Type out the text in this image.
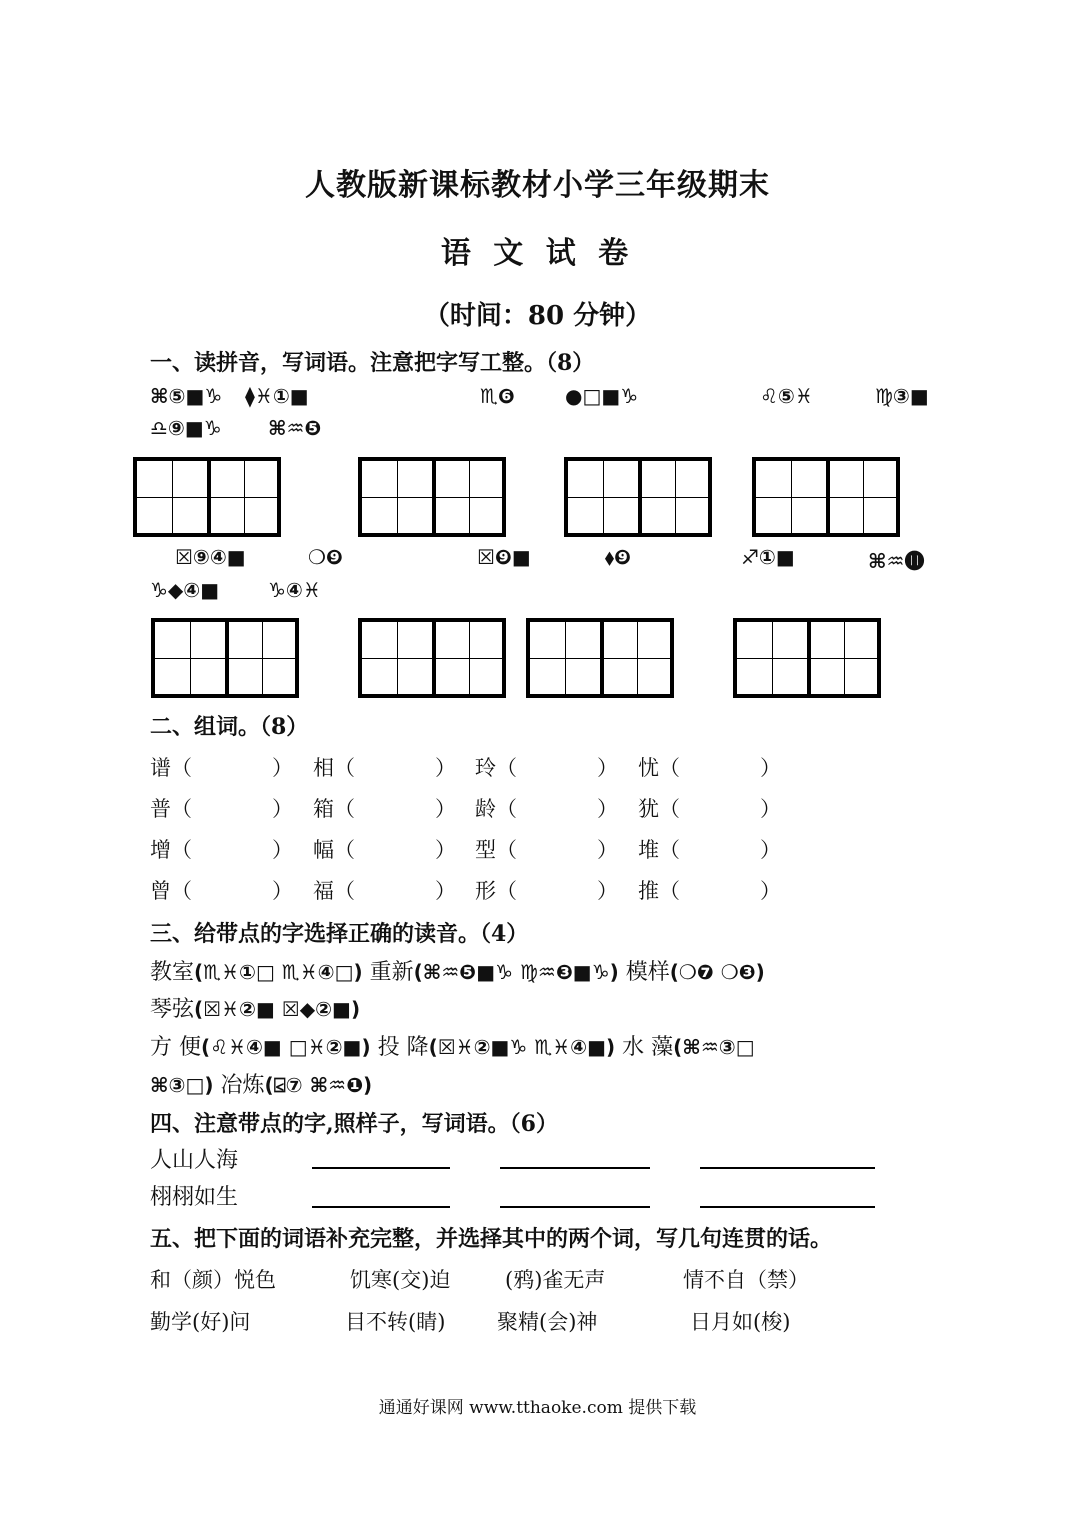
人教版新课标教材小学三年级期末
语 文 试 卷
（时间：80 分钟）
一、读拼音，写词语。注意把字写工整。（8）
⌘⑤■♑ ⧫♓①■	♏❻	●□■♑	♌⑤♓	♍③■
♎⑨■♑ ⌘♒❺
☒⑨④■	❍❾	☒❾■	⬧❾	♐①■	⌘♒⓫
♑◆④■ ♑④♓
二、组词。（8）
谱（	） 相（	） 玲（	） 忧（	）
普（	） 箱（	） 龄（	） 犹（	）
增（	） 幅（	） 型（	） 堆（	）
曾（	） 福（	） 形（	） 推（	）
三、给带点的字选择正确的读音。（4）
教室(♏♓①□ ♏♓④□) 重新(⌘♒❺■♑ ♍♒❸■♑) 模样(❍❼ ❍❸)
琴弦(☒♓②■ ☒◆②■)
方 便(♌♓④■ □♓②■) 投 降(☒♓②■♑ ♏♓④■) 水 藻(⌘♒③□
⌘③□) 冶炼(⍃⑦ ⌘♒❶)
四、注意带点的字,照样子，写词语。（6）
人山人海
栩栩如生
五、把下面的词语补充完整，并选择其中的两个词，写几句连贯的话。
和（颜）悦色	饥寒(交)迫	(鸦)雀无声	情不自（禁）
勤学(好)问	目不转(睛) 聚精(会)神	日月如(梭)
通通好课网 www.tthaoke.com 提供下载
